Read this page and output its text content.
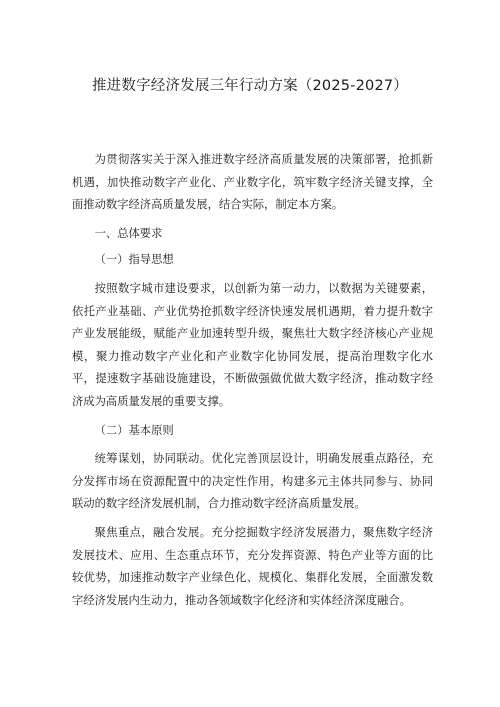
推进数字经济发展三年行动方案（2025-2027）

为贯彻落实关于深入推进数字经济高质量发展的决策部署，抢抓新机遇，加快推动数字产业化、产业数字化，筑牢数字经济关键支撑，全面推动数字经济高质量发展，结合实际，制定本方案。

一、总体要求

（一）指导思想

按照数字城市建设要求，以创新为第一动力，以数据为关键要素，依托产业基础、产业优势抢抓数字经济快速发展机遇期，着力提升数字产业发展能级，赋能产业加速转型升级，聚焦壮大数字经济核心产业规模，聚力推动数字产业化和产业数字化协同发展，提高治理数字化水平，提速数字基础设施建设，不断做强做优做大数字经济，推动数字经济成为高质量发展的重要支撑。

（二）基本原则

统筹谋划，协同联动。优化完善顶层设计，明确发展重点路径，充分发挥市场在资源配置中的决定性作用，构建多元主体共同参与、协同联动的数字经济发展机制，合力推动数字经济高质量发展。

聚焦重点，融合发展。充分挖掘数字经济发展潜力，聚焦数字经济发展技术、应用、生态重点环节，充分发挥资源、特色产业等方面的比较优势，加速推动数字产业绿色化、规模化、集群化发展，全面激发数字经济发展内生动力，推动各领域数字化经济和实体经济深度融合。
